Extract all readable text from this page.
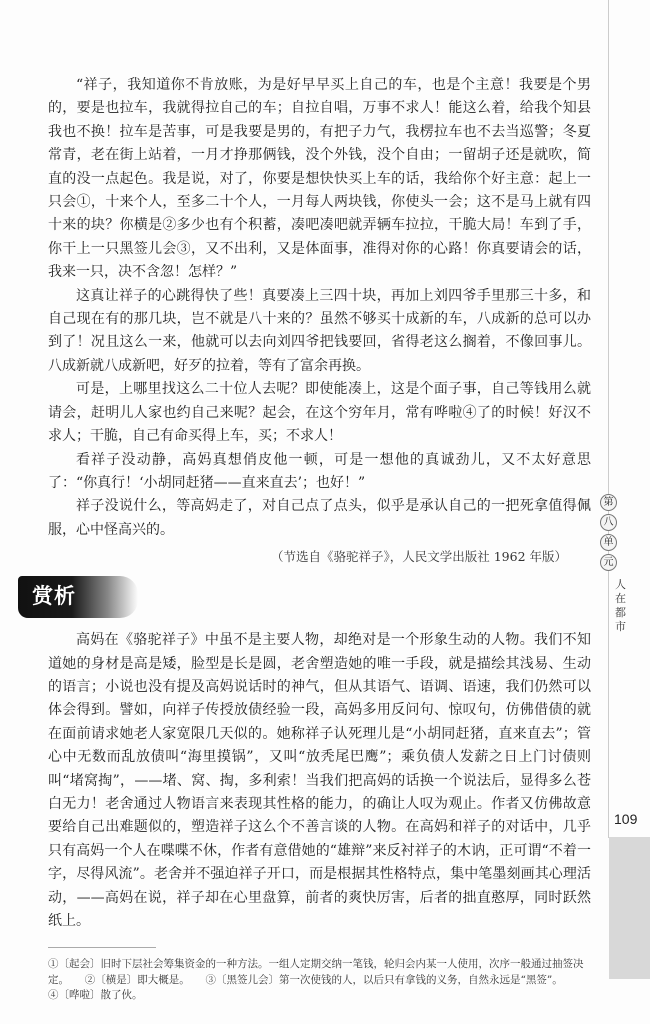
“祥子，我知道你不肯放账，为是好早早买上自己的车，也是个主意！我要是个男的，要是也拉车，我就得拉自己的车；自拉自唱，万事不求人！能这么着，给我个知县我也不换！拉车是苦事，可是我要是男的，有把子力气，我楞拉车也不去当巡警；冬夏常青，老在街上站着，一月才挣那俩钱，没个外钱，没个自由；一留胡子还是就吹，简直的没一点起色。我是说，对了，你要是想快快买上车的话，我给你个好主意：起上一只会①，十来个人，至多二十个人，一月每人两块钱，你使头一会；这不是马上就有四十来的块？你横是②多少也有个积蓄，凑吧凑吧就弄辆车拉拉，干脆大局！车到了手，你干上一只黑签儿会③，又不出利，又是体面事，准得对你的心路！你真要请会的话，我来一只，决不含忽！怎样？”

这真让祥子的心跳得快了些！真要凑上三四十块，再加上刘四爷手里那三十多，和自己现在有的那几块，岂不就是八十来的？虽然不够买十成新的车，八成新的总可以办到了！况且这么一来，他就可以去向刘四爷把钱要回，省得老这么搁着，不像回事儿。八成新就八成新吧，好歹的拉着，等有了富余再换。

可是，上哪里找这么二十位人去呢？即使能凑上，这是个面子事，自己等钱用么就请会，赶明儿人家也约自己来呢？起会，在这个穷年月，常有哗啦④了的时候！好汉不求人；干脆，自己有命买得上车，买；不求人！

看祥子没动静，高妈真想俏皮他一顿，可是一想他的真诚劲儿，又不太好意思了：“你真行！‘小胡同赶猪——直来直去’；也好！”

祥子没说什么，等高妈走了，对自己点了点头，似乎是承认自己的一把死拿值得佩服，心中怪高兴的。

（节选自《骆驼祥子》，人民文学出版社 1962 年版）
赏析

高妈在《骆驼祥子》中虽不是主要人物，却绝对是一个形象生动的人物。我们不知道她的身材是高是矮，脸型是长是圆，老舍塑造她的唯一手段，就是描绘其浅易、生动的语言；小说也没有提及高妈说话时的神气，但从其语气、语调、语速，我们仍然可以体会得到。譬如，向祥子传授放债经验一段，高妈多用反问句、惊叹句，仿佛借债的就在面前请求她老人家宽限几天似的。她称祥子认死理儿是“小胡同赶猪，直来直去”；管心中无数而乱放债叫“海里摸锅”，又叫“放秃尾巴鹰”；乘负债人发薪之日上门讨债则叫“堵窝掏”，——堵、窝、掏，多利索！当我们把高妈的话换一个说法后，显得多么苍白无力！老舍通过人物语言来表现其性格的能力，的确让人叹为观止。作者又仿佛故意要给自己出难题似的，塑造祥子这么个不善言谈的人物。在高妈和祥子的对话中，几乎只有高妈一个人在喋喋不休，作者有意借她的“雄辩”来反衬祥子的木讷，正可谓“不着一字，尽得风流”。老舍并不强迫祥子开口，而是根据其性格特点，集中笔墨刻画其心理活动，——高妈在说，祥子却在心里盘算，前者的爽快厉害，后者的拙直憨厚，同时跃然纸上。

①〔起会〕旧时下层社会筹集资金的一种方法。一组人定期交纳一笔钱，轮归会内某一人使用，次序一般通过抽签决定。　　②〔横是〕即大概是。　　③〔黑签儿会〕第一次使钱的人，以后只有拿钱的义务，自然永远是“黑签”。
④〔哗啦〕散了伙。
第
八
单
元
人在都市
109
